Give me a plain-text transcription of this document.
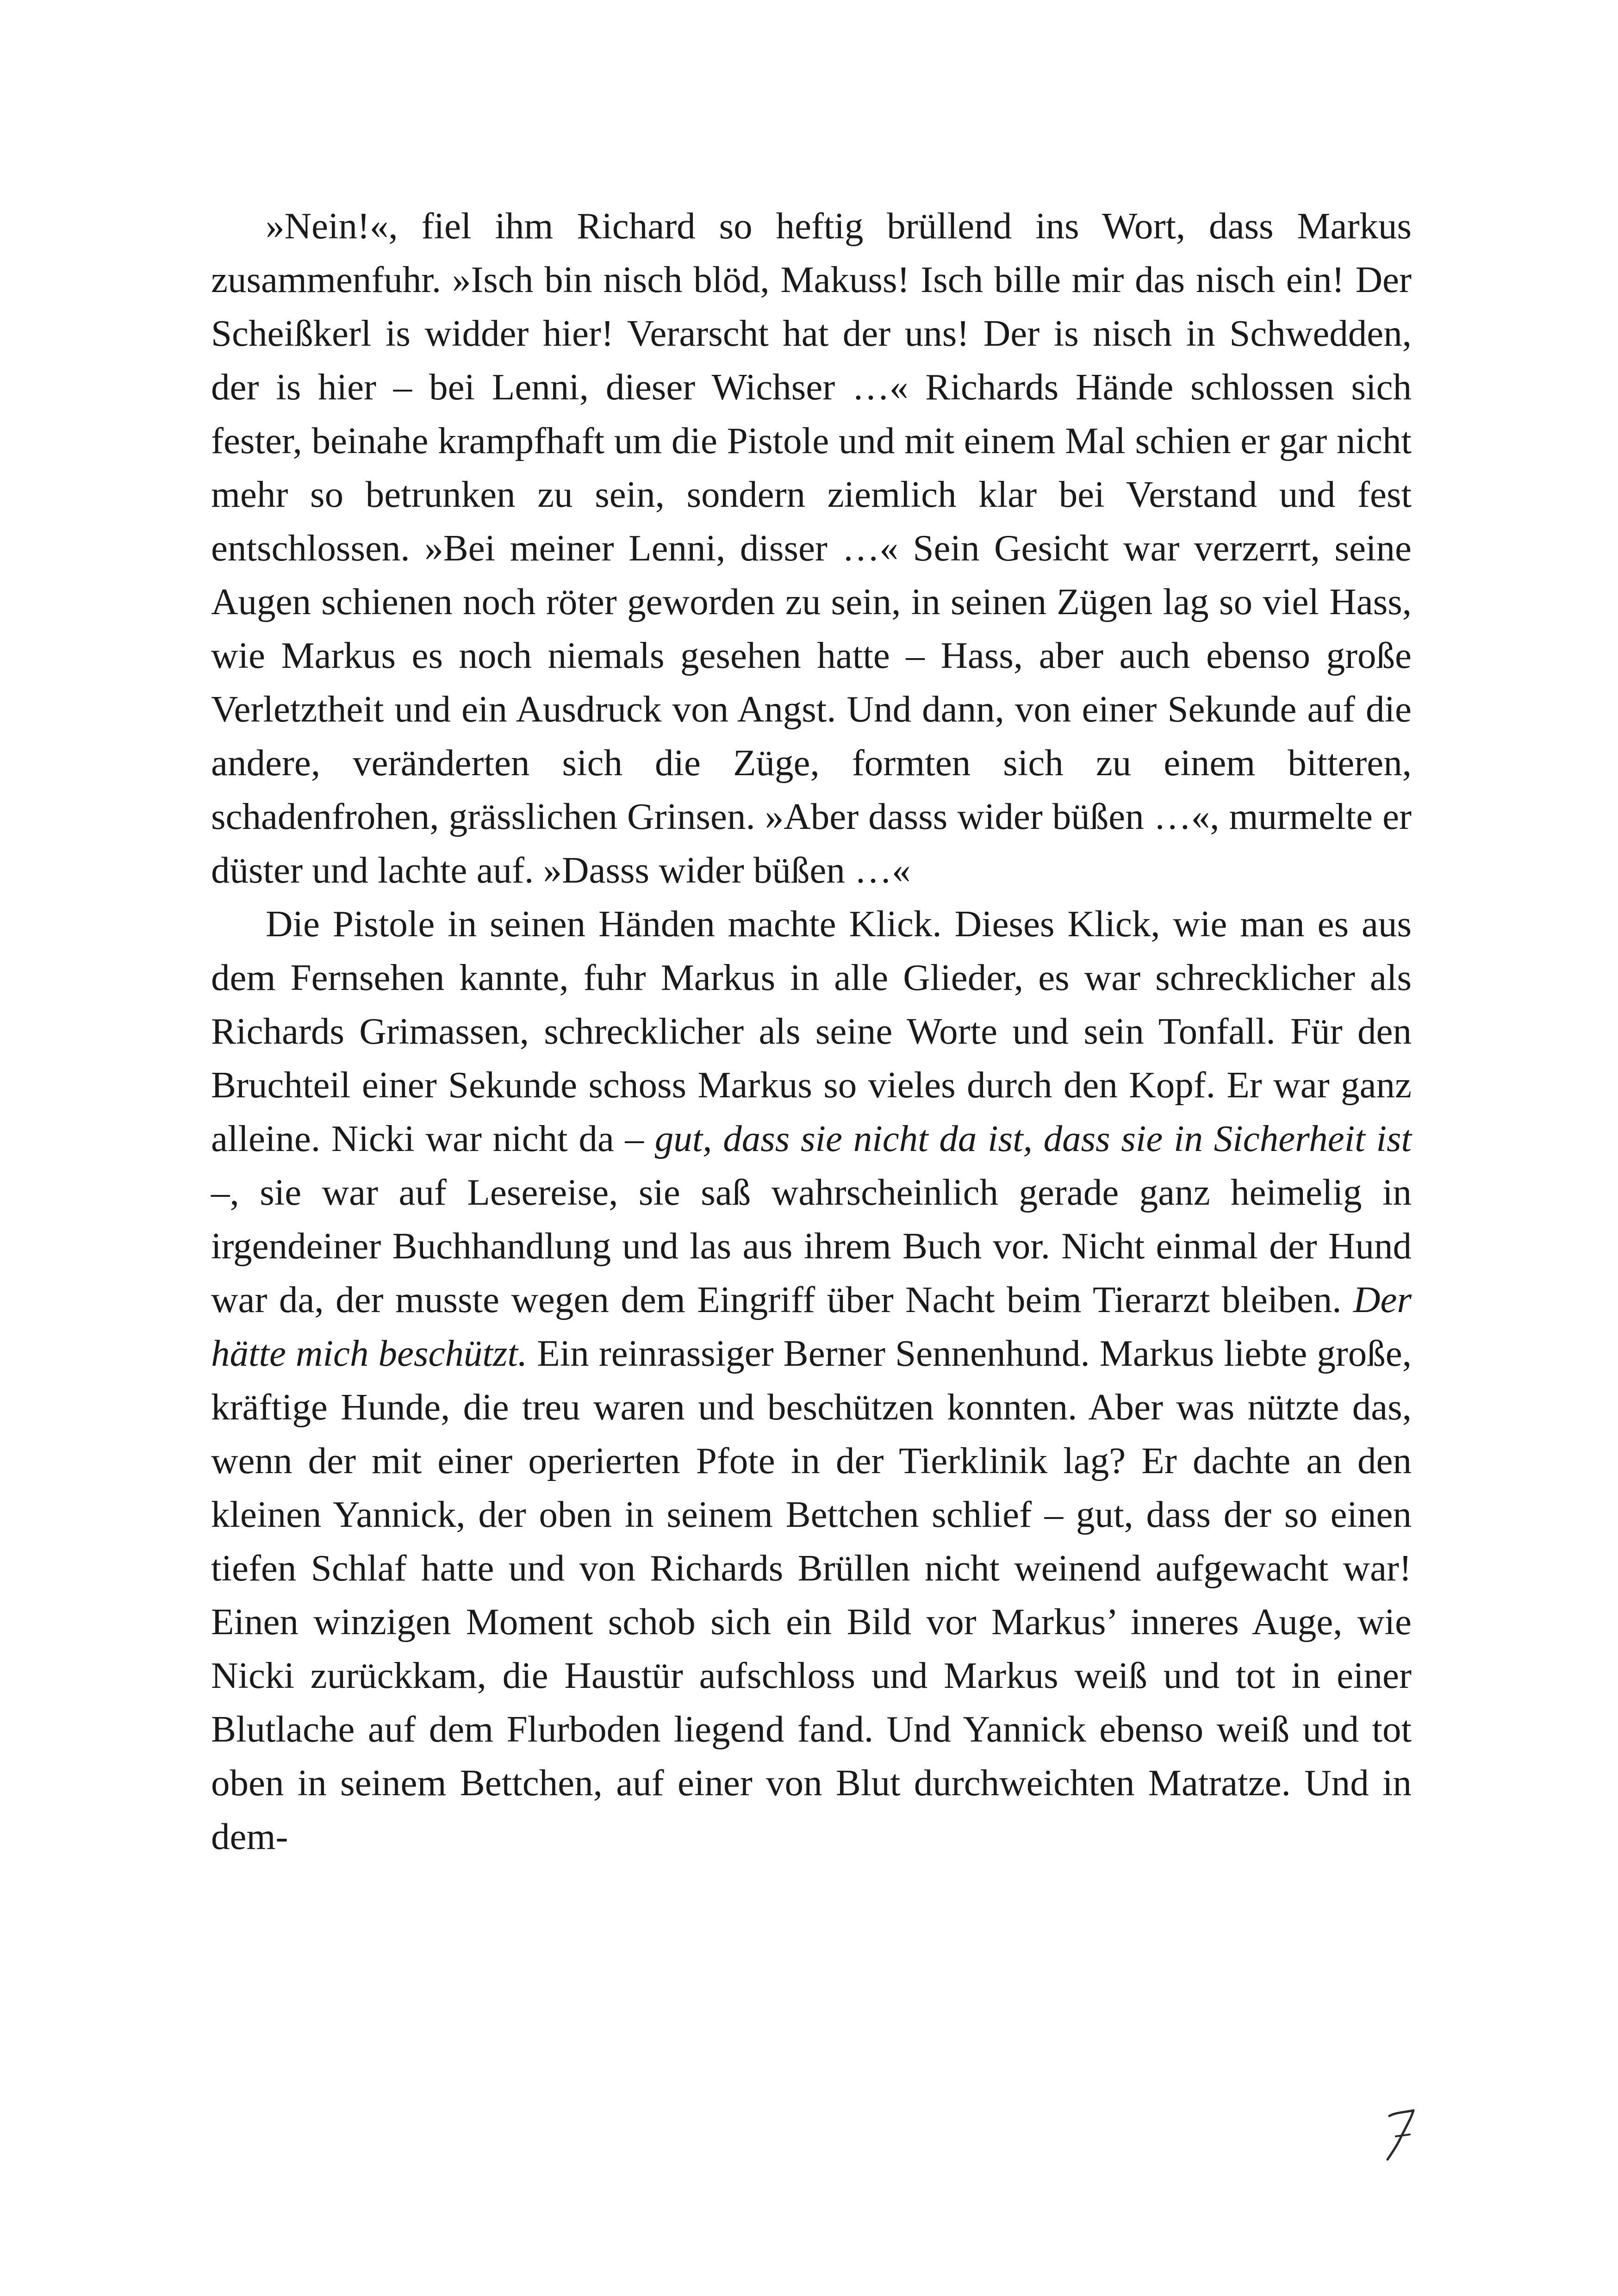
»Nein!«, fiel ihm Richard so heftig brüllend ins Wort, dass Markus zusammenfuhr. »Isch bin nisch blöd, Makuss! Isch bille mir das nisch ein! Der Scheißkerl is widder hier! Verarscht hat der uns! Der is nisch in Schwedden, der is hier – bei Lenni, dieser Wichser …« Richards Hände schlossen sich fester, beinahe krampfhaft um die Pistole und mit einem Mal schien er gar nicht mehr so betrunken zu sein, sondern ziemlich klar bei Verstand und fest entschlossen. »Bei meiner Lenni, disser …« Sein Gesicht war verzerrt, seine Augen schienen noch röter geworden zu sein, in seinen Zügen lag so viel Hass, wie Markus es noch niemals gesehen hatte – Hass, aber auch ebenso große Verletztheit und ein Ausdruck von Angst. Und dann, von einer Sekunde auf die andere, veränderten sich die Züge, formten sich zu einem bitteren, schadenfrohen, grässlichen Grinsen. »Aber dasss wider büßen …«, murmelte er düster und lachte auf. »Dasss wider büßen …«

Die Pistole in seinen Händen machte Klick. Dieses Klick, wie man es aus dem Fernsehen kannte, fuhr Markus in alle Glieder, es war schrecklicher als Richards Grimassen, schrecklicher als seine Worte und sein Tonfall. Für den Bruchteil einer Sekunde schoss Markus so vieles durch den Kopf. Er war ganz alleine. Nicki war nicht da – gut, dass sie nicht da ist, dass sie in Sicherheit ist –, sie war auf Lesereise, sie saß wahrscheinlich gerade ganz heimelig in irgendeiner Buchhandlung und las aus ihrem Buch vor. Nicht einmal der Hund war da, der musste wegen dem Eingriff über Nacht beim Tierarzt bleiben. Der hätte mich beschützt. Ein reinrassiger Berner Sennenhund. Markus liebte große, kräftige Hunde, die treu waren und beschützen konnten. Aber was nützte das, wenn der mit einer operierten Pfote in der Tierklinik lag? Er dachte an den kleinen Yannick, der oben in seinem Bettchen schlief – gut, dass der so einen tiefen Schlaf hatte und von Richards Brüllen nicht weinend aufgewacht war! Einen winzigen Moment schob sich ein Bild vor Markus’ inneres Auge, wie Nicki zurückkam, die Haustür aufschloss und Markus weiß und tot in einer Blutlache auf dem Flurboden liegend fand. Und Yannick ebenso weiß und tot oben in seinem Bettchen, auf einer von Blut durchweichten Matratze. Und in dem-
